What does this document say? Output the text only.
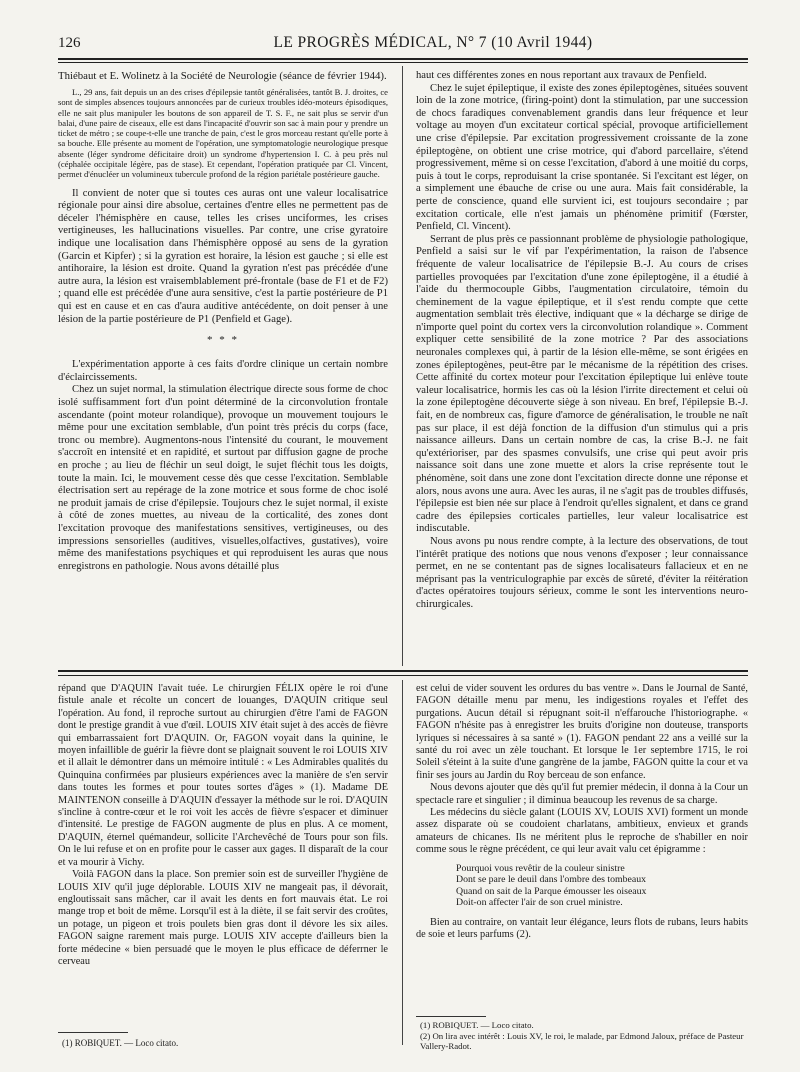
126	LE PROGRÈS MÉDICAL, N° 7 (10 Avril 1944)

Thiébaut et E. Wolinetz à la Société de Neurologie (séance de février 1944).

L., 29 ans, fait depuis un an des crises d'épilepsie tantôt généralisées, tantôt B. J. droites, ce sont de simples absences toujours annoncées par de curieux troubles idéo-moteurs épisodiques, elle ne sait plus manipuler les boutons de son appareil de T. S. F., ne sait plus se servir d'un balai, d'une paire de ciseaux, elle est dans l'incapacité d'ouvrir son sac à main pour y prendre un ticket de métro ; se coupe-t-elle une tranche de pain, c'est le gros morceau restant qu'elle porte à sa bouche. Elle présente au moment de l'opération, une symptomatologie neurologique presque absente (léger syndrome déficitaire droit) un syndrome d'hypertension I. C. à peu près nul (céphalée occipitale légère, pas de stase). Et cependant, l'opération pratiquée par Cl. Vincent, permet d'énucléer un volumineux tubercule profond de la région pariétale postérieure gauche.

Il convient de noter que si toutes ces auras ont une valeur localisatrice régionale pour ainsi dire absolue, certaines d'entre elles ne permettent pas de déceler l'hémisphère en cause, telles les crises unciformes, les crises vertigineuses, les hallucinations visuelles. Par contre, une crise gyratoire indique une localisation dans l'hémisphère opposé au sens de la gyration (Garcin et Kipfer) ; si la gyration est horaire, la lésion est gauche ; si elle est antihoraire, la lésion est droite. Quand la gyration n'est pas précédée d'une autre aura, la lésion est vraisemblablement pré-frontale (base de F1 et de F2) ; quand elle est précédée d'une aura sensitive, c'est la partie postérieure de P1 qui est en cause et en cas d'aura auditive antécédente, on doit penser à une lésion de la partie postérieure de P1 (Penfield et Gage).

* * *

L'expérimentation apporte à ces faits d'ordre clinique un certain nombre d'éclaircissements.

Chez un sujet normal, la stimulation électrique directe sous forme de choc isolé suffisamment fort d'un point déterminé de la circonvolution frontale ascendante (point moteur rolandique), provoque un mouvement toujours le même pour une excitation semblable, d'un point très précis du corps (face, tronc ou membre). Augmentons-nous l'intensité du courant, le mouvement s'accroît en intensité et en rapidité, et surtout par diffusion gagne de proche en proche ; au lieu de fléchir un seul doigt, le sujet fléchit tous les doigts, toute la main. Ici, le mouvement cesse dès que cesse l'excitation. Semblable électrisation sert au repérage de la zone motrice et sous forme de choc isolé ne produit jamais de crise d'épilepsie. Toujours chez le sujet normal, il existe à côté de zones muettes, au niveau de la corticalité, des zones dont l'excitation provoque des manifestations sensitives, vertigineuses, ou des impressions sensorielles (auditives, visuelles,olfactives, gustatives), voire même des manifestations psychiques et qui reproduisent les auras que nous enregistrons en pathologie. Nous avons détaillé plus

haut ces différentes zones en nous reportant aux travaux de Penfield.

Chez le sujet épileptique, il existe des zones épileptogènes, situées souvent loin de la zone motrice, (firing-point) dont la stimulation, par une succession de chocs faradiques convenablement grandis dans leur fréquence et leur voltage au moyen d'un excitateur cortical spécial, provoque artificiellement une crise d'épilepsie. Par excitation progressivement croissante de la zone épileptogène, on obtient une crise motrice, qui d'abord parcellaire, s'étend progressivement, même si on cesse l'excitation, d'abord à une moitié du corps, puis à tout le corps, reproduisant la crise spontanée. Si l'excitant est léger, on a simplement une ébauche de crise ou une aura. Mais fait considérable, la perte de conscience, quand elle survient ici, est toujours secondaire ; par excitation corticale, elle n'est jamais un phénomène primitif (Fœrster, Penfield, Cl. Vincent).

Serrant de plus près ce passionnant problème de physiologie pathologique, Penfield a saisi sur le vif par l'expérimentation, la raison de l'absence fréquente de valeur localisatrice de l'épilepsie B.-J. Au cours de crises partielles provoquées par l'excitation d'une zone épileptogène, il a étudié à l'aide du thermocouple Gibbs, l'augmentation circulatoire, témoin du cheminement de la vague épileptique, et il s'est rendu compte que cette augmentation semblait très élective, indiquant que « la décharge se dirige de n'importe quel point du cortex vers la circonvolution rolandique ». Comment expliquer cette sensibilité de la zone motrice ? Par des associations neuronales complexes qui, à partir de la lésion elle-même, se sont érigées en zones épileptogènes, peut-être par le mécanisme de la répétition des crises. Cette affinité du cortex moteur pour l'excitation épileptique lui enlève toute valeur localisatrice, hormis les cas où la lésion l'irrite directement et celui où la zone épileptogène découverte siège à son niveau. En bref, l'épilepsie B.-J. fait, en de nombreux cas, figure d'amorce de généralisation, le trouble ne naît pas sur place, il est déjà fonction de la diffusion d'un stimulus qui a pris naissance ailleurs. Dans un certain nombre de cas, la crise B.-J. ne fait qu'extérioriser, par des spasmes convulsifs, une crise qui peut avoir pris naissance soit dans une zone muette et alors la crise représente tout le phénomène, soit dans une zone dont l'excitation directe donne une réponse et alors, nous avons une aura. Avec les auras, il ne s'agit pas de troubles diffusés, l'épilepsie est bien née sur place à l'endroit qu'elles signalent, et dans ce grand cadre des épilepsies corticales partielles, leur valeur localisatrice est indiscutable.

Nous avons pu nous rendre compte, à la lecture des observations, de tout l'intérêt pratique des notions que nous venons d'exposer ; leur connaissance permet, en ne se contentant pas de signes localisateurs fallacieux et en ne méprisant pas la ventriculographie par excès de sûreté, d'éviter la réitération d'actes opératoires toujours sérieux, comme le sont les interventions neuro-chirurgicales.

répand que D'AQUIN l'avait tuée. Le chirurgien FÉLIX opère le roi d'une fistule anale et récolte un concert de louanges, D'AQUIN critique seul l'opération. Au fond, il reproche surtout au chirurgien d'être l'ami de FAGON dont le prestige grandit à vue d'œil. LOUIS XIV était sujet à des accès de fièvre qui embarrassaient fort D'AQUIN. Or, FAGON voyait dans la quinine, le moyen infaillible de guérir la fièvre dont se plaignait souvent le roi LOUIS XIV et il allait le démontrer dans un mémoire intitulé : « Les Admirables qualités du Quinquina confirmées par plusieurs expériences avec la manière de s'en servir dans toutes les formes et pour toutes sortes d'âges » (1). Madame DE MAINTENON conseille à D'AQUIN d'essayer la méthode sur le roi. D'AQUIN s'incline à contre-cœur et le roi voit les accès de fièvre s'espacer et diminuer d'intensité. Le prestige de FAGON augmente de plus en plus. A ce moment, D'AQUIN, éternel quémandeur, sollicite l'Archevêché de Tours pour son fils. On le lui refuse et on en profite pour le casser aux gages. Il disparaît de la cour et va mourir à Vichy.

Voilà FAGON dans la place. Son premier soin est de surveiller l'hygiène de LOUIS XIV qu'il juge déplorable. LOUIS XIV ne mangeait pas, il dévorait, engloutissait sans mâcher, car il avait les dents en fort mauvais état. Le roi mange trop et boit de même. Lorsqu'il est à la diète, il se fait servir des croûtes, un potage, un pigeon et trois poulets bien gras dont il dévore les six ailes. FAGON saigne rarement mais purge. LOUIS XIV accepte d'ailleurs bien la forte médecine « bien persuadé que le moyen le plus efficace de déferrner le cerveau

(1) ROBIQUET. — Loco citato.

est celui de vider souvent les ordures du bas ventre ». Dans le Journal de Santé, FAGON détaille menu par menu, les indigestions royales et l'effet des purgations. Aucun détail si répugnant soit-il n'effarouche l'historiographe. « FAGON n'hésite pas à enregistrer les bruits d'origine non douteuse, transports lyriques si nécessaires à sa santé » (1). FAGON pendant 22 ans a veillé sur la santé du roi avec un zèle touchant. Et lorsque le 1er septembre 1715, le roi Soleil s'éteint à la suite d'une gangrène de la jambe, FAGON quitte la cour et va finir ses jours au Jardin du Roy berceau de son enfance.

Nous devons ajouter que dès qu'il fut premier médecin, il donna à la Cour un spectacle rare et singulier ; il diminua beaucoup les revenus de sa charge.

Les médecins du siècle galant (LOUIS XV, LOUIS XVI) forment un monde assez disparate où se coudoient charlatans, ambitieux, envieux et grands amateurs de chicanes. Ils ne méritent plus le reproche de s'habiller en noir comme sous le règne précédent, ce qui leur avait valu cet épigramme :

Pourquoi vous revêtir de la couleur sinistre
Dont se pare le deuil dans l'ombre des tombeaux
Quand on sait de la Parque émousser les oiseaux
Doit-on affecter l'air de son cruel ministre.

Bien au contraire, on vantait leur élégance, leurs flots de rubans, leurs habits de soie et leurs parfums (2).

(1) ROBIQUET. — Loco citato.
(2) On lira avec intérêt : Louis XV, le roi, le malade, par Edmond Jaloux, préface de Pasteur Vallery-Radot.
